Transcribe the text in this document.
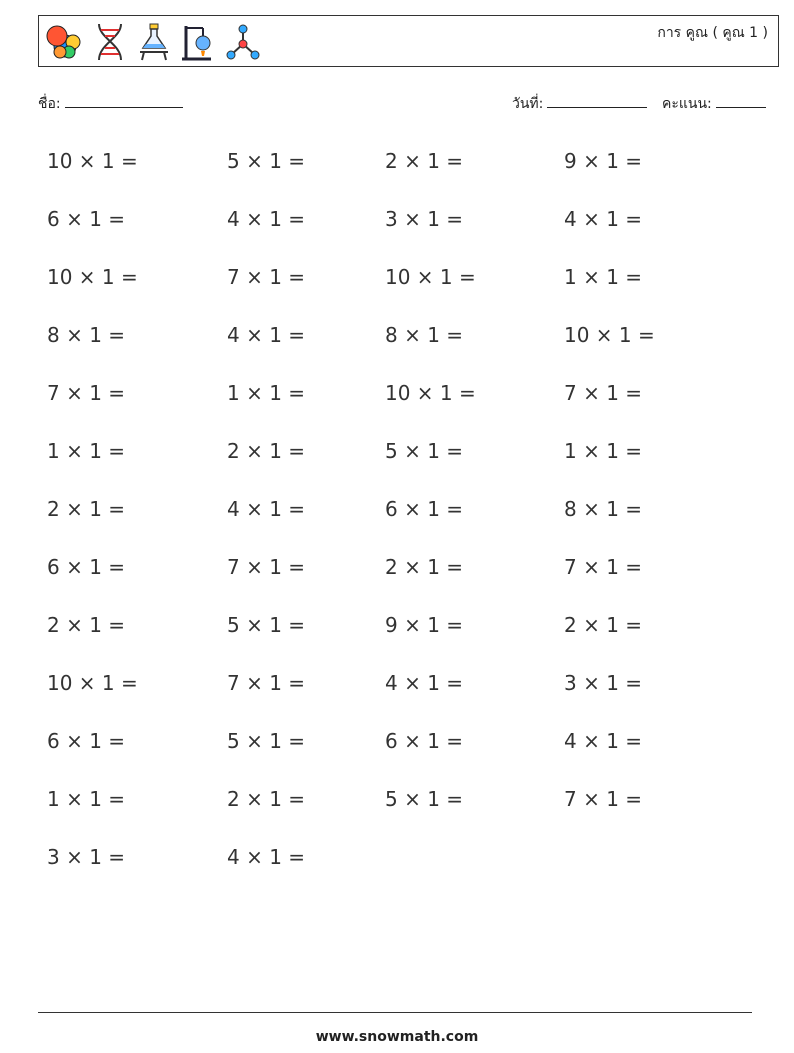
การ คูณ ( คูณ 1 )
ชื่อ:	วันที่:	คะแนน:
10 × 1 =	5 × 1 =	2 × 1 =	9 × 1 =
6 × 1 =	4 × 1 =	3 × 1 =	4 × 1 =
10 × 1 =	7 × 1 =	10 × 1 =	1 × 1 =
8 × 1 =	4 × 1 =	8 × 1 =	10 × 1 =
7 × 1 =	1 × 1 =	10 × 1 =	7 × 1 =
1 × 1 =	2 × 1 =	5 × 1 =	1 × 1 =
2 × 1 =	4 × 1 =	6 × 1 =	8 × 1 =
6 × 1 =	7 × 1 =	2 × 1 =	7 × 1 =
2 × 1 =	5 × 1 =	9 × 1 =	2 × 1 =
10 × 1 =	7 × 1 =	4 × 1 =	3 × 1 =
6 × 1 =	5 × 1 =	6 × 1 =	4 × 1 =
1 × 1 =	2 × 1 =	5 × 1 =	7 × 1 =
3 × 1 =	4 × 1 =
www.snowmath.com
